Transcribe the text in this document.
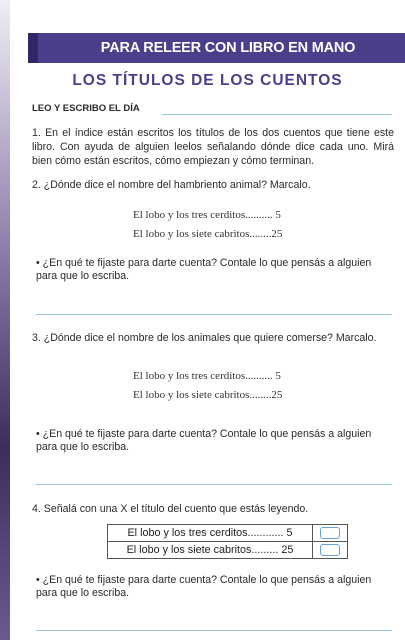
PARA RELEER CON LIBRO EN MANO
LOS TÍTULOS DE LOS CUENTOS
LEO Y ESCRIBO EL DÍA
1. En el índice están escritos los títulos de los dos cuentos que tiene este libro. Con ayuda de alguien leelos señalando dónde dice cada uno. Mirá bien cómo están escritos, cómo empiezan y cómo terminan.
2. ¿Dónde dice el nombre del hambriento animal? Marcalo.
El lobo y los tres cerditos.......... 5
El lobo y los siete cabritos........25
• ¿En qué te fijaste para darte cuenta? Contale lo que pensás a alguien para que lo escriba.
3. ¿Dónde dice el nombre de los animales que quiere comerse? Marcalo.
El lobo y los tres cerditos.......... 5
El lobo y los siete cabritos........25
• ¿En qué te fijaste para darte cuenta? Contale lo que pensás a alguien para que lo escriba.
4. Señalá con una X el título del cuento que estás leyendo.
El lobo y los tres cerditos............ 5	
El lobo y los siete cabritos......... 25	
• ¿En qué te fijaste para darte cuenta? Contale lo que pensás a alguien para que lo escriba.
